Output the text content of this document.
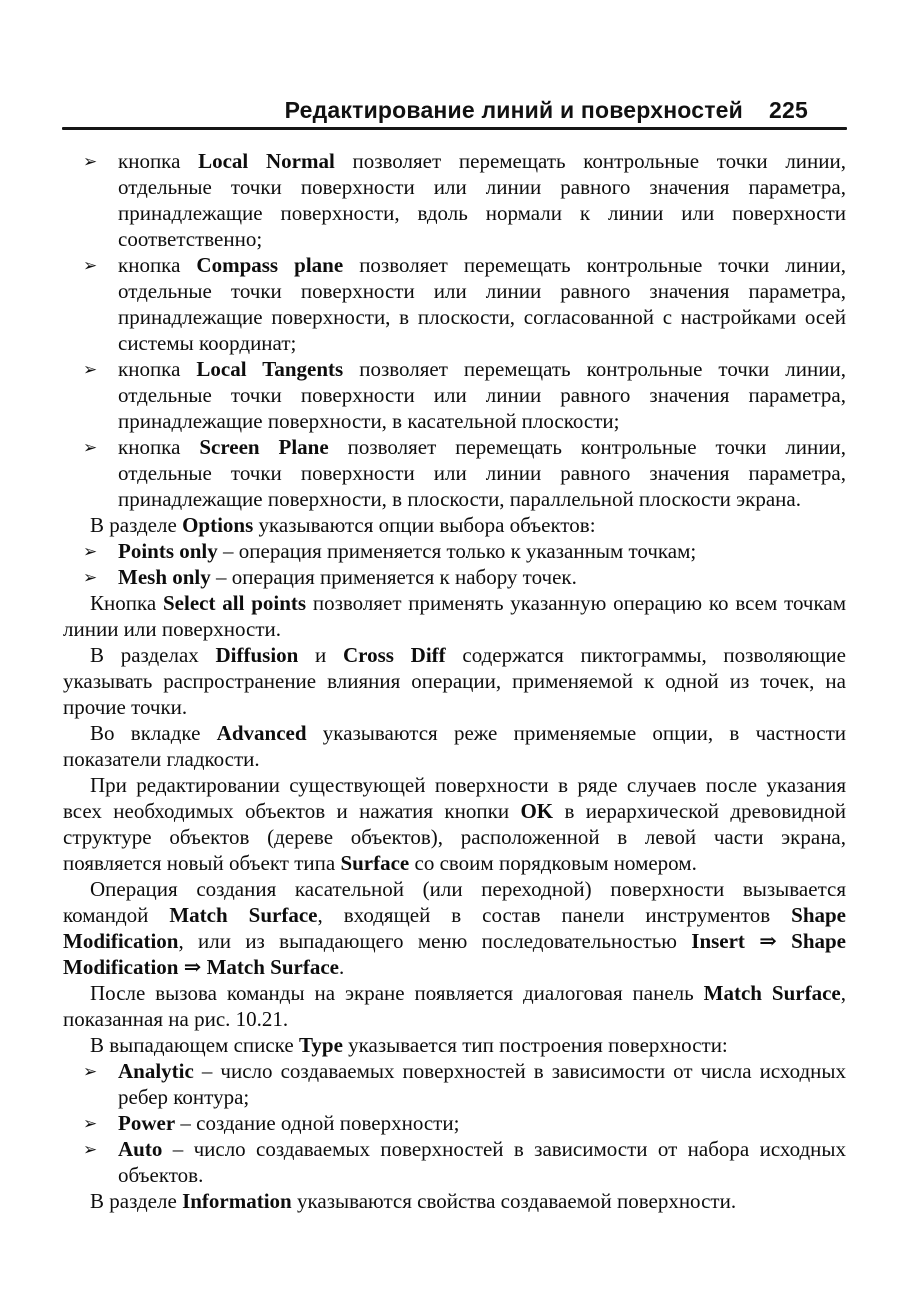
Редактирование линий и поверхностей 225
➢ кнопка Local Normal позволяет перемещать контрольные точки линии, отдельные точки поверхности или линии равного значения параметра, принадлежащие поверхности, вдоль нормали к линии или поверхности соответственно;
➢ кнопка Compass plane позволяет перемещать контрольные точки линии, отдельные точки поверхности или линии равного значения параметра, принадлежащие поверхности, в плоскости, согласованной с настройками осей системы координат;
➢ кнопка Local Tangents позволяет перемещать контрольные точки линии, отдельные точки поверхности или линии равного значения параметра, принадлежащие поверхности, в касательной плоскости;
➢ кнопка Screen Plane позволяет перемещать контрольные точки линии, отдельные точки поверхности или линии равного значения параметра, принадлежащие поверхности, в плоскости, параллельной плоскости экрана.

В разделе Options указываются опции выбора объектов:

➢ Points only – операция применяется только к указанным точкам;
➢ Mesh only – операция применяется к набору точек.

Кнопка Select all points позволяет применять указанную операцию ко всем точкам линии или поверхности.

В разделах Diffusion и Cross Diff содержатся пиктограммы, позволяющие указывать распространение влияния операции, применяемой к одной из точек, на прочие точки.

Во вкладке Advanced указываются реже применяемые опции, в частности показатели гладкости.

При редактировании существующей поверхности в ряде случаев после указания всех необходимых объектов и нажатия кнопки OK в иерархической древовидной структуре объектов (дереве объектов), расположенной в левой части экрана, появляется новый объект типа Surface со своим порядковым номером.

Операция создания касательной (или переходной) поверхности вызывается командой Match Surface, входящей в состав панели инструментов Shape Modification, или из выпадающего меню последовательностью Insert ⇒ Shape Modification ⇒ Match Surface.

После вызова команды на экране появляется диалоговая панель Match Surface, показанная на рис. 10.21.

В выпадающем списке Type указывается тип построения поверхности:

➢ Analytic – число создаваемых поверхностей в зависимости от числа исходных ребер контура;
➢ Power – создание одной поверхности;
➢ Auto – число создаваемых поверхностей в зависимости от набора исходных объектов.

В разделе Information указываются свойства создаваемой поверхности.
